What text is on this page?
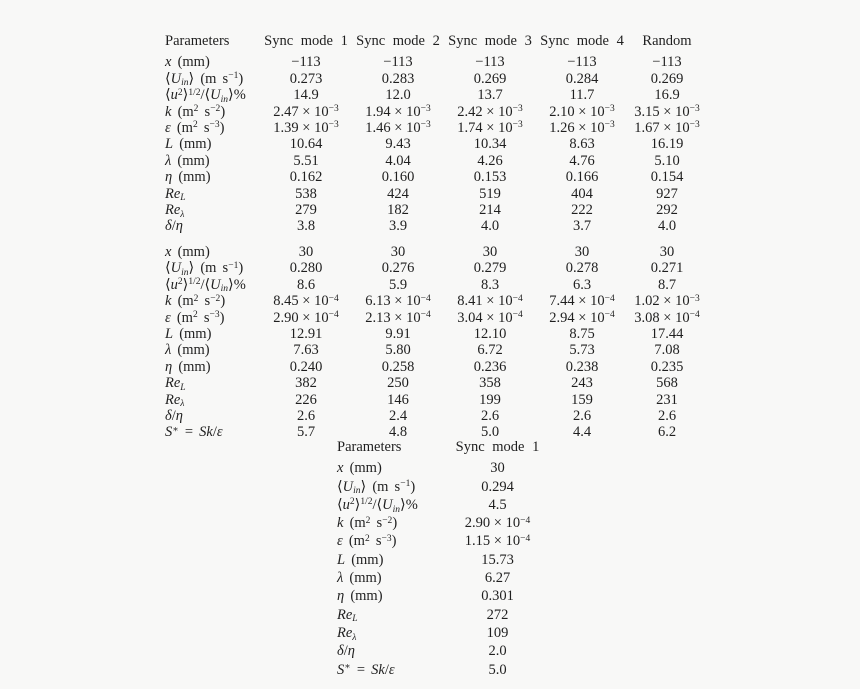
Parameters	Sync mode 1	Sync mode 2	Sync mode 3	Sync mode 4	Random
x (mm)	−113	−113	−113	−113	−113
$⟨U_{in}⟩$ (m $s^{-1}$)	0.273	0.283	0.269	0.284	0.269
$⟨u^2⟩^{1/2}/⟨U_{in}⟩\%$	14.9	12.0	13.7	11.7	16.9
k ($m^2$ $s^{-2}$)	$2.47 \times 10^{-3}$	$1.94 \times 10^{-3}$	$2.42 \times 10^{-3}$	$2.10 \times 10^{-3}$	$3.15 \times 10^{-3}$
ε ($m^2$ $s^{-3}$)	$1.39 \times 10^{-3}$	$1.46 \times 10^{-3}$	$1.74 \times 10^{-3}$	$1.26 \times 10^{-3}$	$1.67 \times 10^{-3}$
L (mm)	10.64	9.43	10.34	8.63	16.19
λ (mm)	5.51	4.04	4.26	4.76	5.10
η (mm)	0.162	0.160	0.153	0.166	0.154
$Re_L$	538	424	519	404	927
$Re_\lambda$	279	182	214	222	292
δ/η	3.8	3.9	4.0	3.7	4.0

x (mm)	30	30	30	30	30
$⟨U_{in}⟩$ (m $s^{-1}$)	0.280	0.276	0.279	0.278	0.271
$⟨u^2⟩^{1/2}/⟨U_{in}⟩\%$	8.6	5.9	8.3	6.3	8.7
k ($m^2$ $s^{-2}$)	$8.45 \times 10^{-4}$	$6.13 \times 10^{-4}$	$8.41 \times 10^{-4}$	$7.44 \times 10^{-4}$	$1.02 \times 10^{-3}$
ε ($m^2$ $s^{-3}$)	$2.90 \times 10^{-4}$	$2.13 \times 10^{-4}$	$3.04 \times 10^{-4}$	$2.94 \times 10^{-4}$	$3.08 \times 10^{-4}$
L (mm)	12.91	9.91	12.10	8.75	17.44
λ (mm)	7.63	5.80	6.72	5.73	7.08
η (mm)	0.240	0.258	0.236	0.238	0.235
$Re_L$	382	250	358	243	568
$Re_\lambda$	226	146	199	159	231
δ/η	2.6	2.4	2.6	2.6	2.6
S∗ = Sk/ε	5.7	4.8	5.0	4.4	6.2
Parameters	Sync mode 1
x (mm)	30
$⟨U_{in}⟩$ (m $s^{-1}$)	0.294
$⟨u^2⟩^{1/2}/⟨U_{in}⟩\%$	4.5
k ($m^2$ $s^{-2}$)	$2.90 \times 10^{-4}$
ε ($m^2$ $s^{-3}$)	$1.15 \times 10^{-4}$
L (mm)	15.73
λ (mm)	6.27
η (mm)	0.301
$Re_L$	272
$Re_\lambda$	109
δ/η	2.0
S∗ = Sk/ε	5.0
